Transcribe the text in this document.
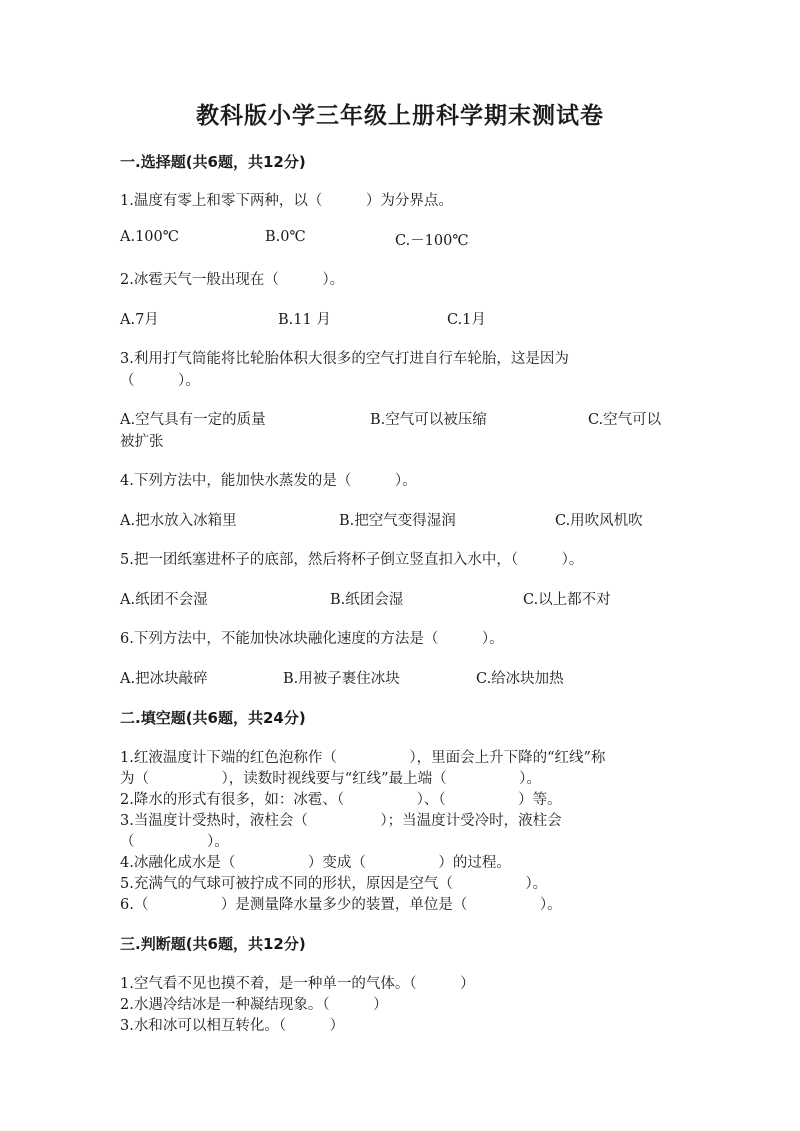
教科版小学三年级上册科学期末测试卷
一.选择题(共6题，共12分)
1.温度有零上和零下两种，以（　　　）为分界点。
A.100℃	B.0℃	C.－100℃
2.冰雹天气一般出现在（　　　）。
A.7月	B.11 月	C.1月
3.利用打气筒能将比轮胎体积大很多的空气打进自行车轮胎，这是因为
（　　　）。
A.空气具有一定的质量	B.空气可以被压缩	C.空气可以
被扩张
4.下列方法中，能加快水蒸发的是（　　　）。
A.把水放入冰箱里	B.把空气变得湿润	C.用吹风机吹
5.把一团纸塞进杯子的底部，然后将杯子倒立竖直扣入水中，（　　　）。
A.纸团不会湿	B.纸团会湿	C.以上都不对
6.下列方法中，不能加快冰块融化速度的方法是（　　　）。
A.把冰块敲碎	B.用被子裹住冰块	C.给冰块加热
二.填空题(共6题，共24分)
1.红液温度计下端的红色泡称作（　　　　　），里面会上升下降的“红线”称
为（　　　　　），读数时视线要与“红线”最上端（　　　　　）。
2.降水的形式有很多，如：冰雹、（　　　　　）、（　　　　　）等。
3.当温度计受热时，液柱会（　　　　　）；当温度计受冷时，液柱会
（　　　　　）。
4.冰融化成水是（　　　　　）变成（　　　　　）的过程。
5.充满气的气球可被拧成不同的形状，原因是空气（　　　　　）。
6.（　　　　　）是测量降水量多少的装置，单位是（　　　　　）。
三.判断题(共6题，共12分)
1.空气看不见也摸不着，是一种单一的气体。（　　　）
2.水遇冷结冰是一种凝结现象。（　　　）
3.水和冰可以相互转化。（　　　）
